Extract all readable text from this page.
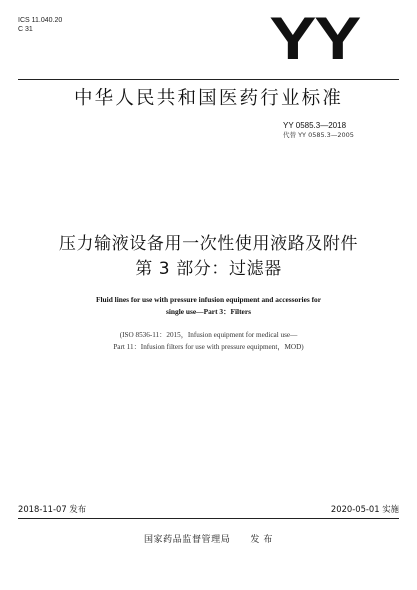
ICS 11.040.20
C 31	YY
中华人民共和国医药行业标准
YY 0585.3—2018
代替 YY 0585.3—2005
压力输液设备用一次性使用液路及附件
第 3 部分：过滤器
Fluid lines for use with pressure infusion equipment and accessories for
single use—Part 3：Filters
(ISO 8536-11：2015，Infusion equipment for medical use—
Part 11：Infusion filters for use with pressure equipment，MOD)
2018-11-07 发布	2020-05-01 实施
国家药品监督管理局 发 布
